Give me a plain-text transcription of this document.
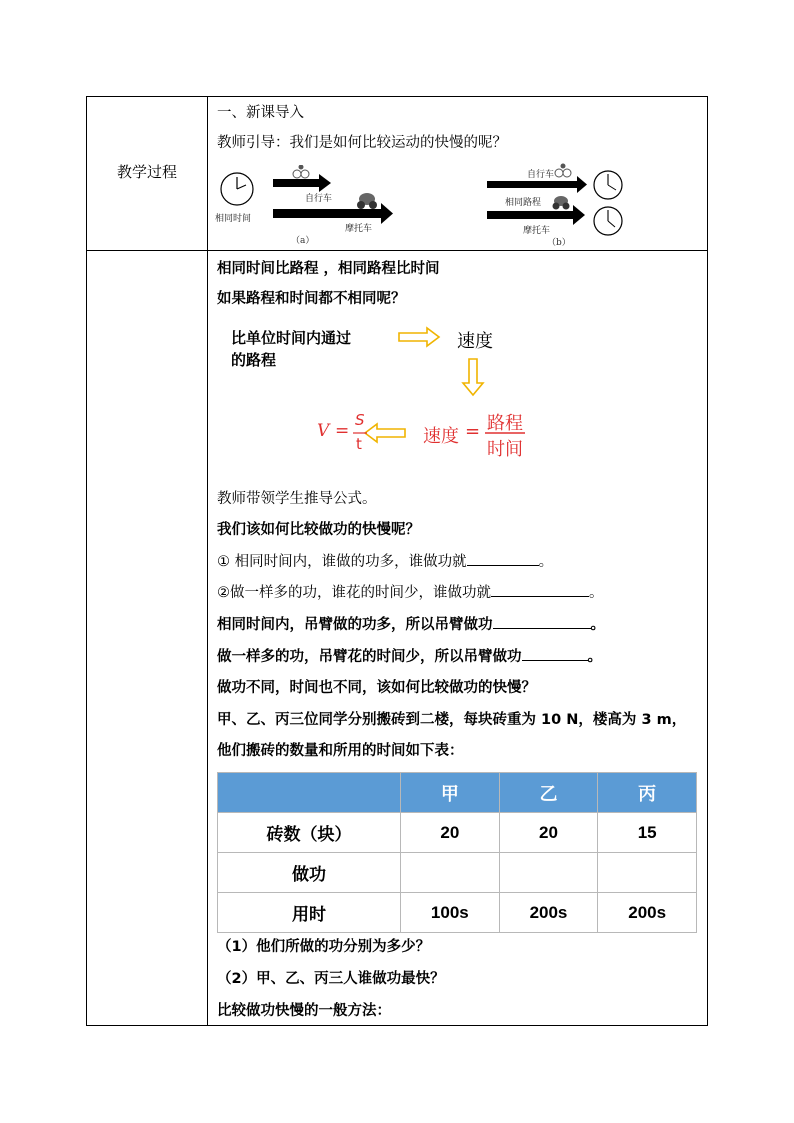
教学过程
一、新课导入
教师引导：我们是如何比较运动的快慢的呢？
自行车
摩托车
相同时间
（a）
自行车
相同路程
摩托车
（b）
相同时间比路程 ，相同路程比时间
如果路程和时间都不相同呢？
比单位时间内通过
的路程
速度
速度 = 路程
时间
V =
S
t
教师带领学生推导公式。
我们该如何比较做功的快慢呢？
① 相同时间内，谁做的功多，谁做功就	。
②做一样多的功，谁花的时间少，谁做功就	。
相同时间内，吊臂做的功多，所以吊臂做功	。
做一样多的功，吊臂花的时间少，所以吊臂做功	。
做功不同，时间也不同，该如何比较做功的快慢？
甲、乙、丙三位同学分别搬砖到二楼，每块砖重为 10 N，楼高为 3 m，
他们搬砖的数量和所用的时间如下表：
	甲	乙	丙
砖数（块）	20	20	15
做功			
用时	100s	200s	200s
（1）他们所做的功分别为多少？
（2）甲、乙、丙三人谁做功最快？
比较做功快慢的一般方法：
